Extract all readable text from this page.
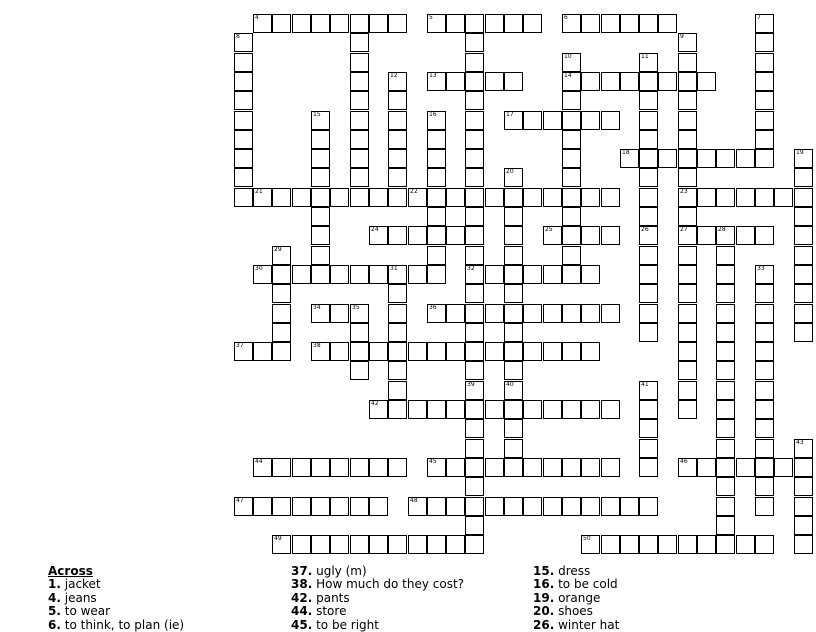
4	5	6	7
8	9
23
27
10
14
11
12	13
15	16	17
18	19
20
40
21	22
24	25	26	28
29
30	31	32	33
34	35	36
37	38
39	41
42
43
44	45	46
47	48
49	50
Across
1. jacket
4. jeans
5. to wear
6. to think, to plan (ie)
37. ugly (m)
38. How much do they cost?
42. pants
44. store
45. to be right
15. dress
16. to be cold
19. orange
20. shoes
26. winter hat
